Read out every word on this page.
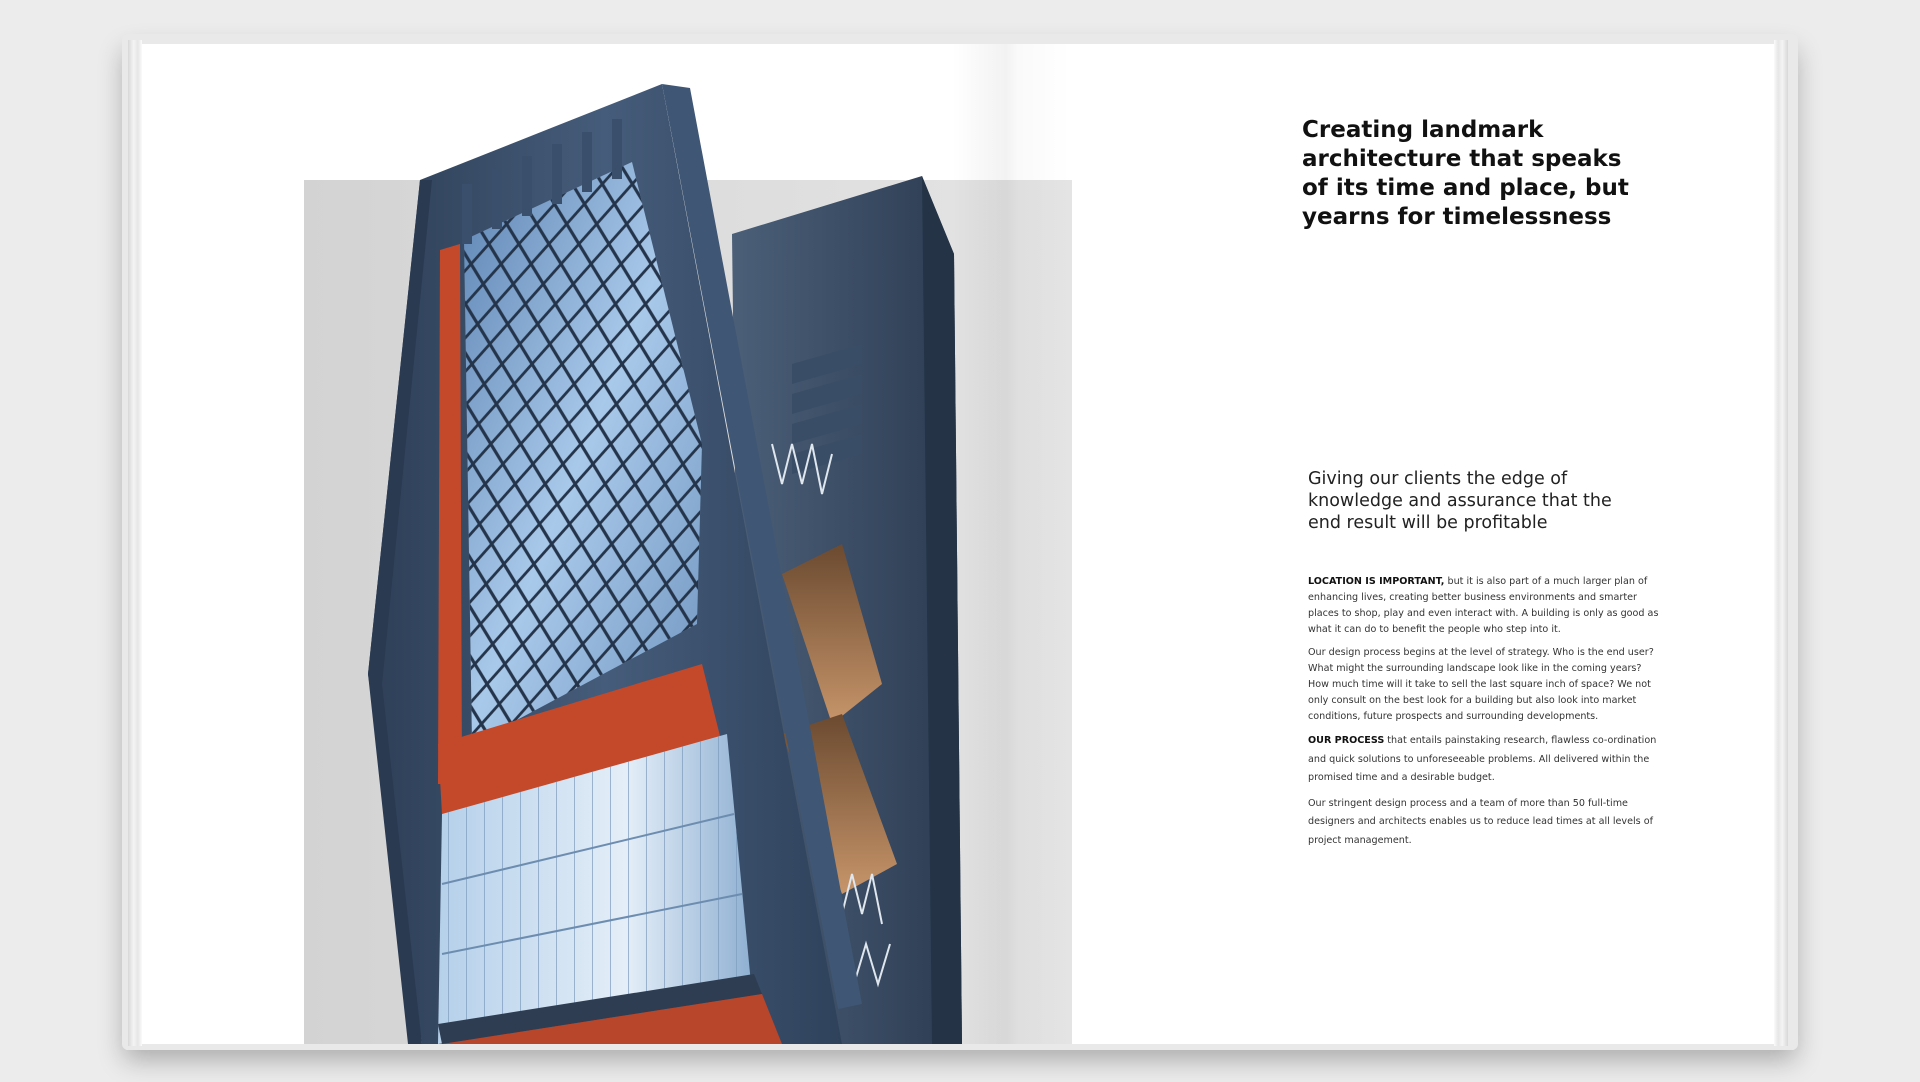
Creating landmark architecture that speaks of its time and place, but yearns for timelessness

Giving our clients the edge of knowledge and assurance that the end result will be profitable

LOCATION IS IMPORTANT, but it is also part of a much larger plan of enhancing lives, creating better business environments and smarter places to shop, play and even interact with. A building is only as good as what it can do to benefit the people who step into it.

Our design process begins at the level of strategy. Who is the end user? What might the surrounding landscape look like in the coming years? How much time will it take to sell the last square inch of space? We not only consult on the best look for a building but also look into market conditions, future prospects and surrounding developments.

OUR PROCESS that entails painstaking research, flawless co-ordination and quick solutions to unforeseeable problems. All delivered within the promised time and a desirable budget.

Our stringent design process and a team of more than 50 full-time designers and architects enables us to reduce lead times at all levels of project management.
